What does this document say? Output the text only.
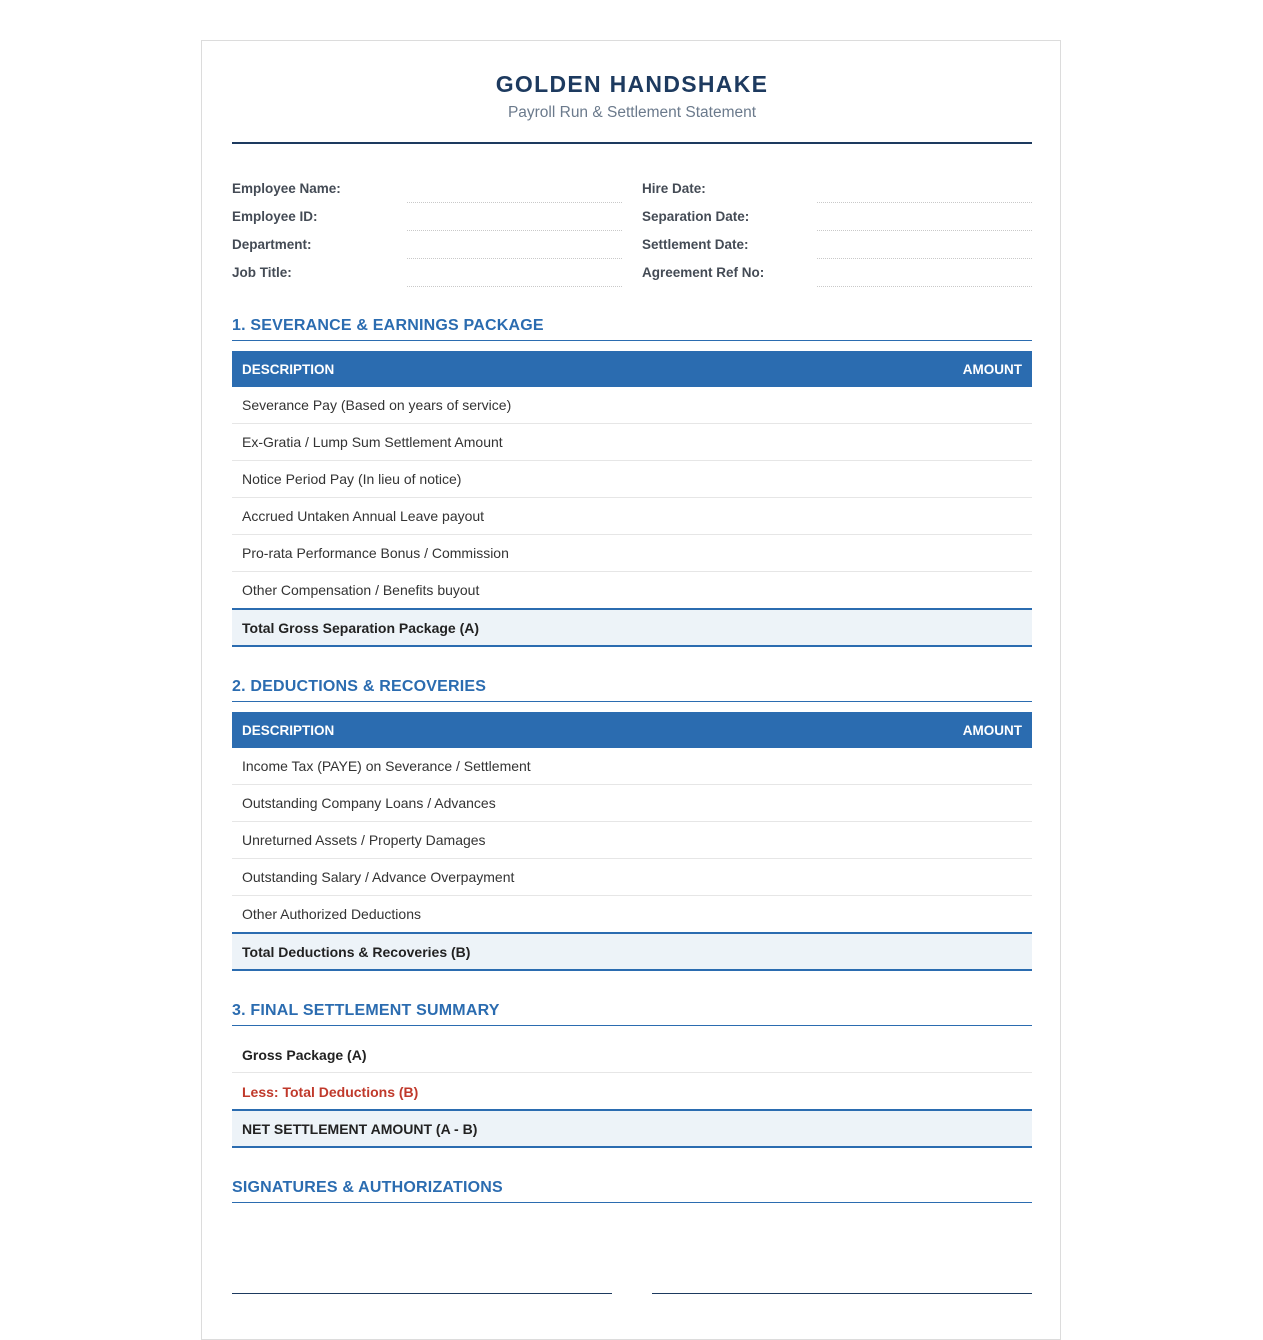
GOLDEN HANDSHAKE
Payroll Run & Settlement Statement
Employee Name:	Hire Date:
Employee ID:	Separation Date:
Department:	Settlement Date:
Job Title:	Agreement Ref No:
1. SEVERANCE & EARNINGS PACKAGE
DESCRIPTION	AMOUNT
Severance Pay (Based on years of service)
Ex-Gratia / Lump Sum Settlement Amount
Notice Period Pay (In lieu of notice)
Accrued Untaken Annual Leave payout
Pro-rata Performance Bonus / Commission
Other Compensation / Benefits buyout
Total Gross Separation Package (A)
2. DEDUCTIONS & RECOVERIES
DESCRIPTION	AMOUNT
Income Tax (PAYE) on Severance / Settlement
Outstanding Company Loans / Advances
Unreturned Assets / Property Damages
Outstanding Salary / Advance Overpayment
Other Authorized Deductions
Total Deductions & Recoveries (B)
3. FINAL SETTLEMENT SUMMARY
Gross Package (A)
Less: Total Deductions (B)
NET SETTLEMENT AMOUNT (A - B)
SIGNATURES & AUTHORIZATIONS
